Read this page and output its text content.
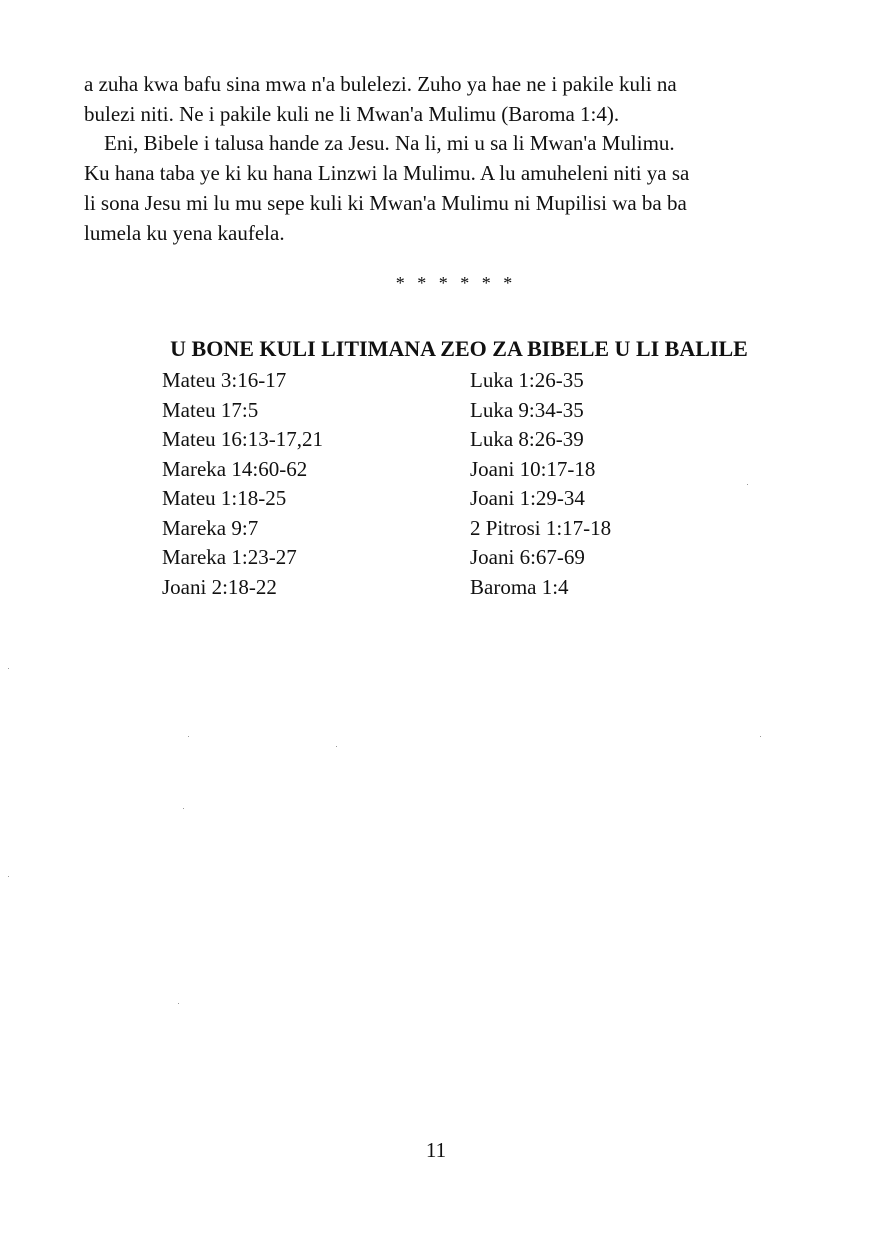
a zuha kwa bafu sina mwa n'a bulelezi. Zuho ya hae ne i pakile kuli na
bulezi niti. Ne i pakile kuli ne li Mwan'a Mulimu (Baroma 1:4).

Eni, Bibele i talusa hande za Jesu. Na li, mi u sa li Mwan'a Mulimu.
Ku hana taba ye ki ku hana Linzwi la Mulimu. A lu amuheleni niti ya sa
li sona Jesu mi lu mu sepe kuli ki Mwan'a Mulimu ni Mupilisi wa ba ba
lumela ku yena kaufela.

* * * * * *
U BONE KULI LITIMANA ZEO ZA BIBELE U LI BALILE
Mateu 3:16-17
Mateu 17:5
Mateu 16:13-17,21
Mareka 14:60-62
Mateu 1:18-25
Mareka 9:7
Mareka 1:23-27
Joani 2:18-22
Luka 1:26-35
Luka 9:34-35
Luka 8:26-39
Joani 10:17-18
Joani 1:29-34
2 Pitrosi 1:17-18
Joani 6:67-69
Baroma 1:4
11
